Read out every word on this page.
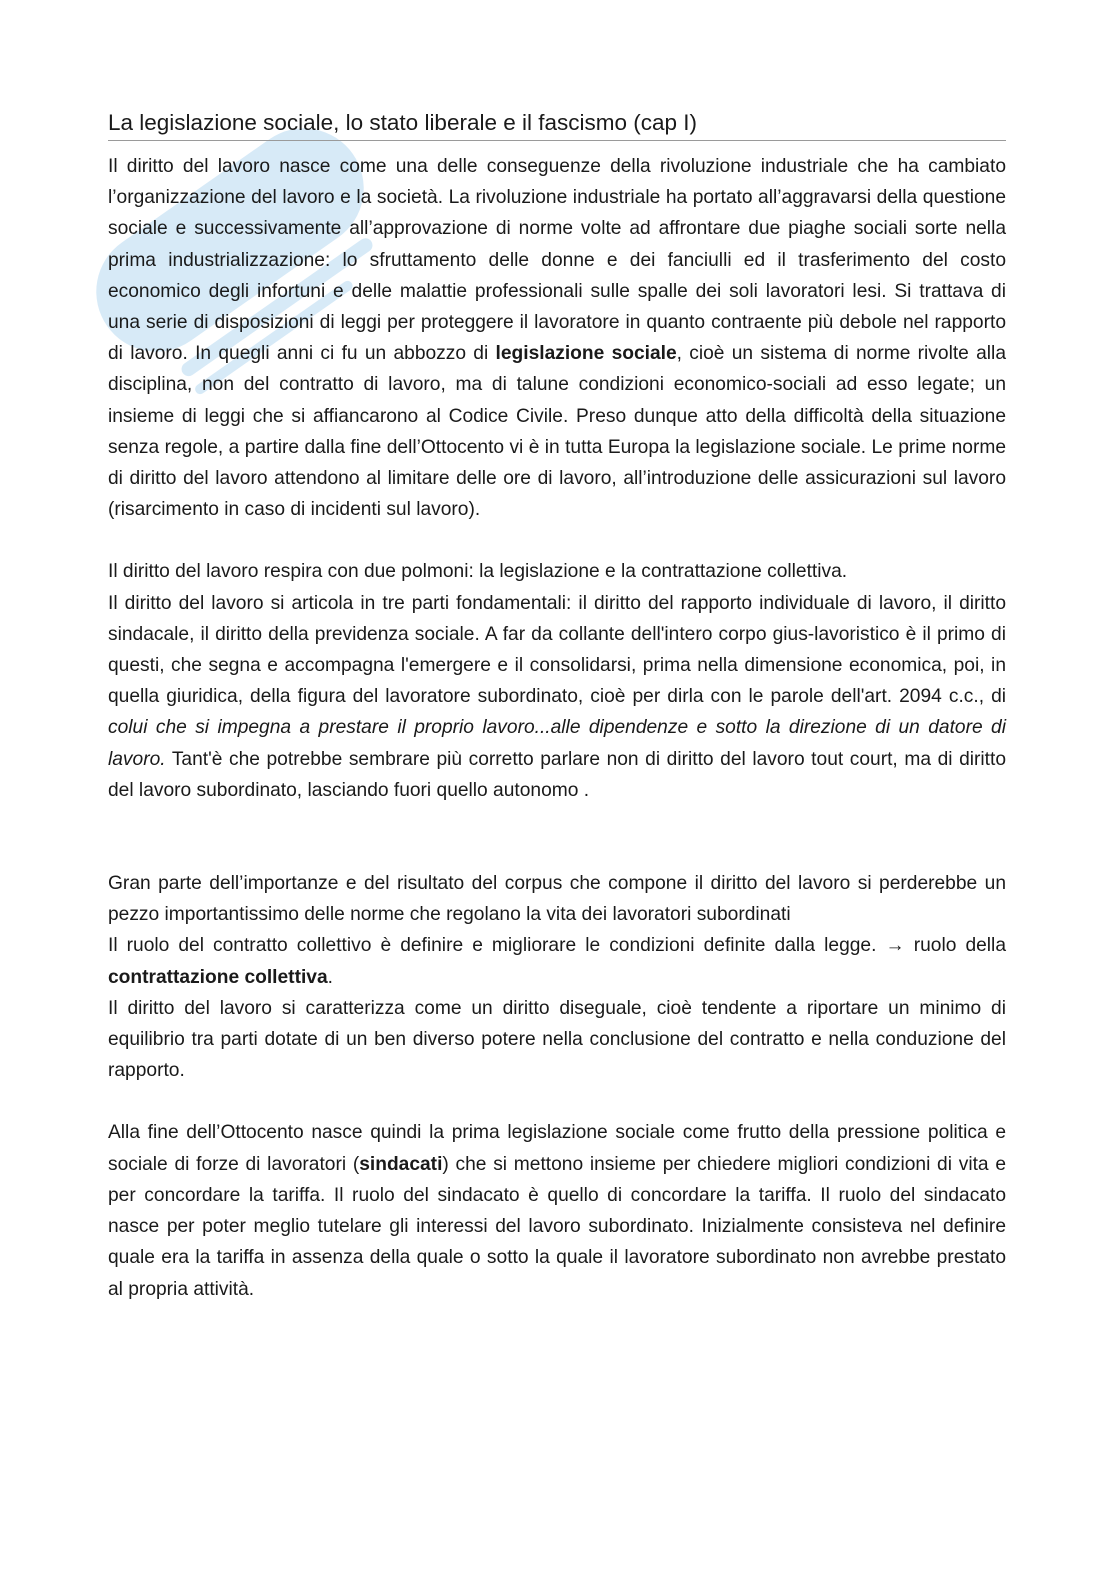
La legislazione sociale, lo stato liberale e il fascismo (cap I)

Il diritto del lavoro nasce come una delle conseguenze della rivoluzione industriale che ha cambiato l’organizzazione del lavoro e la società. La rivoluzione industriale ha portato all’aggravarsi della questione sociale e successivamente all’approvazione di norme volte ad affrontare due piaghe sociali sorte nella prima industrializzazione: lo sfruttamento delle donne e dei fanciulli ed il trasferimento del costo economico degli infortuni e delle malattie professionali sulle spalle dei soli lavoratori lesi. Si trattava di una serie di disposizioni di leggi per proteggere il lavoratore in quanto contraente più debole nel rapporto di lavoro. In quegli anni ci fu un abbozzo di legislazione sociale, cioè un sistema di norme rivolte alla disciplina, non del contratto di lavoro, ma di talune condizioni economico-sociali ad esso legate; un insieme di leggi che si affiancarono al Codice Civile. Preso dunque atto della difficoltà della situazione senza regole, a partire dalla fine dell’Ottocento vi è in tutta Europa la legislazione sociale. Le prime norme di diritto del lavoro attendono al limitare delle ore di lavoro, all’introduzione delle assicurazioni sul lavoro (risarcimento in caso di incidenti sul lavoro).

Il diritto del lavoro respira con due polmoni: la legislazione e la contrattazione collettiva.

Il diritto del lavoro si articola in tre parti fondamentali: il diritto del rapporto individuale di lavoro, il diritto sindacale, il diritto della previdenza sociale. A far da collante dell'intero corpo gius-lavoristico è il primo di questi, che segna e accompagna l'emergere e il consolidarsi, prima nella dimensione economica, poi, in quella giuridica, della figura del lavoratore subordinato, cioè per dirla con le parole dell'art. 2094 c.c., di colui che si impegna a prestare il proprio lavoro...alle dipendenze e sotto la direzione di un datore di lavoro. Tant'è che potrebbe sembrare più corretto parlare non di diritto del lavoro tout court, ma di diritto del lavoro subordinato, lasciando fuori quello autonomo .

Gran parte dell’importanze e del risultato del corpus che compone il diritto del lavoro si perderebbe un pezzo importantissimo delle norme che regolano la vita dei lavoratori subordinati

Il ruolo del contratto collettivo è definire e migliorare le condizioni definite dalla legge. → ruolo della contrattazione collettiva.

Il diritto del lavoro si caratterizza come un diritto diseguale, cioè tendente a riportare un minimo di equilibrio tra parti dotate di un ben diverso potere nella conclusione del contratto e nella conduzione del rapporto.

Alla fine dell’Ottocento nasce quindi la prima legislazione sociale come frutto della pressione politica e sociale di forze di lavoratori (sindacati) che si mettono insieme per chiedere migliori condizioni di vita e per concordare la tariffa. Il ruolo del sindacato è quello di concordare la tariffa. Il ruolo del sindacato nasce per poter meglio tutelare gli interessi del lavoro subordinato. Inizialmente consisteva nel definire quale era la tariffa in assenza della quale o sotto la quale il lavoratore subordinato non avrebbe prestato al propria attività.
